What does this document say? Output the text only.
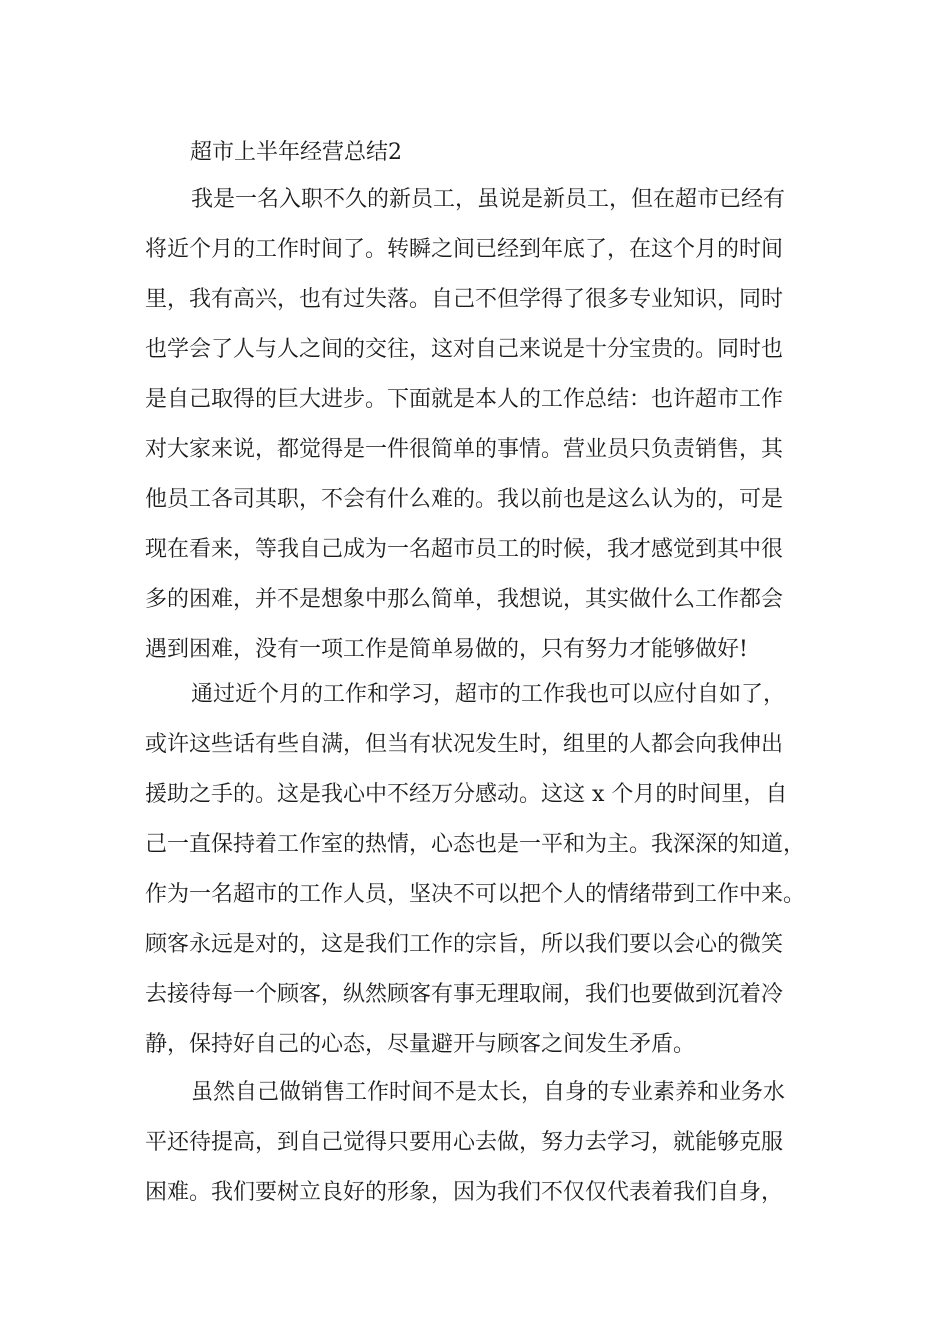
超市上半年经营总结2
我是一名入职不久的新员工，虽说是新员工，但在超市已经有
将近个月的工作时间了。转瞬之间已经到年底了，在这个月的时间
里，我有高兴，也有过失落。自己不但学得了很多专业知识，同时
也学会了人与人之间的交往，这对自己来说是十分宝贵的。同时也
是自己取得的巨大进步。下面就是本人的工作总结：也许超市工作
对大家来说，都觉得是一件很简单的事情。营业员只负责销售，其
他员工各司其职，不会有什么难的。我以前也是这么认为的，可是
现在看来，等我自己成为一名超市员工的时候，我才感觉到其中很
多的困难，并不是想象中那么简单，我想说，其实做什么工作都会
遇到困难，没有一项工作是简单易做的，只有努力才能够做好!
通过近个月的工作和学习，超市的工作我也可以应付自如了，
或许这些话有些自满，但当有状况发生时，组里的人都会向我伸出
援助之手的。这是我心中不经万分感动。这这 x 个月的时间里，自
己一直保持着工作室的热情，心态也是一平和为主。我深深的知道，
作为一名超市的工作人员，坚决不可以把个人的情绪带到工作中来。
顾客永远是对的，这是我们工作的宗旨，所以我们要以会心的微笑
去接待每一个顾客，纵然顾客有事无理取闹，我们也要做到沉着冷
静，保持好自己的心态，尽量避开与顾客之间发生矛盾。
虽然自己做销售工作时间不是太长，自身的专业素养和业务水
平还待提高，到自己觉得只要用心去做，努力去学习，就能够克服
困难。我们要树立良好的形象，因为我们不仅仅代表着我们自身，
